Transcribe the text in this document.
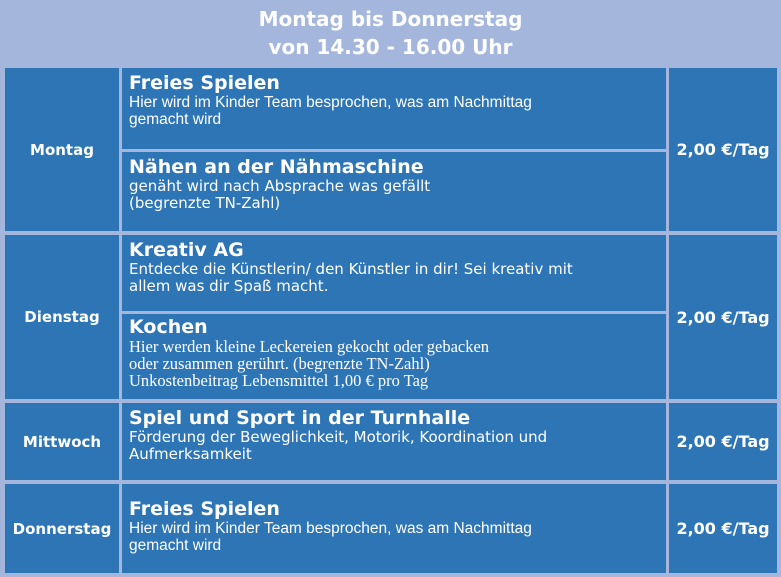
Montag bis Donnerstag
von 14.30 - 16.00 Uhr
Montag
Freies Spielen
Hier wird im Kinder Team besprochen, was am Nachmittag
gemacht wird
Nähen an der Nähmaschine
genäht wird nach Absprache was gefällt
(begrenzte TN-Zahl)
2,00 €/Tag
Dienstag
Kreativ AG
Entdecke die Künstlerin/ den Künstler in dir! Sei kreativ mit
allem was dir Spaß macht.
Kochen
Hier werden kleine Leckereien gekocht oder gebacken
oder zusammen gerührt. (begrenzte TN-Zahl)
Unkostenbeitrag Lebensmittel 1,00 € pro Tag
2,00 €/Tag
Mittwoch
Spiel und Sport in der Turnhalle
Förderung der Beweglichkeit, Motorik, Koordination und
Aufmerksamkeit
2,00 €/Tag
Donnerstag
Freies Spielen
Hier wird im Kinder Team besprochen, was am Nachmittag
gemacht wird
2,00 €/Tag
